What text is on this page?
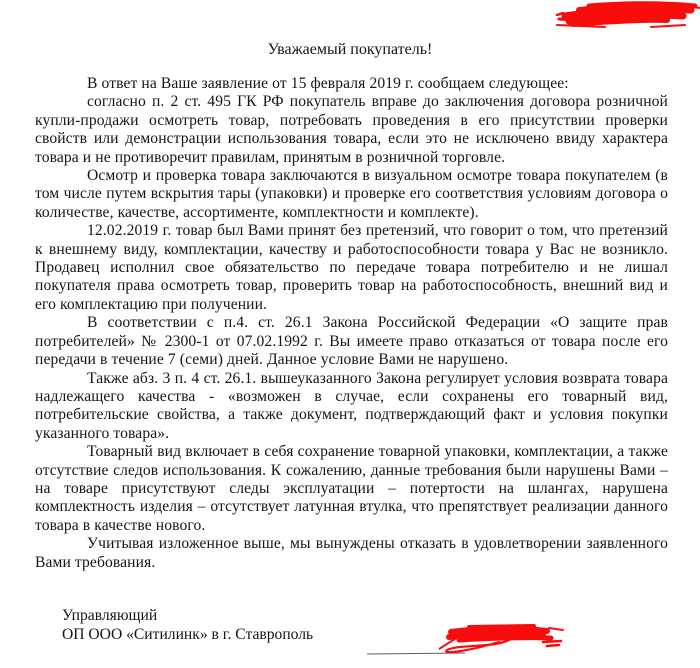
Уважаемый покупатель!

В ответ на Ваше заявление от 15 февраля 2019 г. сообщаем следующее:

согласно п. 2 ст. 495 ГК РФ покупатель вправе до заключения договора розничной купли-продажи осмотреть товар, потребовать проведения в его присутствии проверки свойств или демонстрации использования товара, если это не исключено ввиду характера товара и не противоречит правилам, принятым в розничной торговле.

Осмотр и проверка товара заключаются в визуальном осмотре товара покупателем (в том числе путем вскрытия тары (упаковки) и проверке его соответствия условиям договора о количестве, качестве, ассортименте, комплектности и комплекте).

12.02.2019 г. товар был Вами принят без претензий, что говорит о том, что претензий к внешнему виду, комплектации, качеству и работоспособности товара у Вас не возникло. Продавец исполнил свое обязательство по передаче товара потребителю и не лишал покупателя права осмотреть товар, проверить товар на работоспособность, внешний вид и его комплектацию при получении.

В соответствии с п.4. ст. 26.1 Закона Российской Федерации «О защите прав потребителей» № 2300-1 от 07.02.1992 г. Вы имеете право отказаться от товара после его передачи в течение 7 (семи) дней. Данное условие Вами не нарушено.

Также абз. 3 п. 4 ст. 26.1. вышеуказанного Закона регулирует условия возврата товара надлежащего качества - «возможен в случае, если сохранены его товарный вид, потребительские свойства, а также документ, подтверждающий факт и условия покупки указанного товара».

Товарный вид включает в себя сохранение товарной упаковки, комплектации, а также отсутствие следов использования. К сожалению, данные требования были нарушены Вами – на товаре присутствуют следы эксплуатации – потертости на шлангах, нарушена комплектность изделия – отсутствует латунная втулка, что препятствует реализации данного товара в качестве нового.

Учитывая изложенное выше, мы вынуждены отказать в удовлетворении заявленного Вами требования.

Управляющий
ОП ООО «Ситилинк» в г. Ставрополь
